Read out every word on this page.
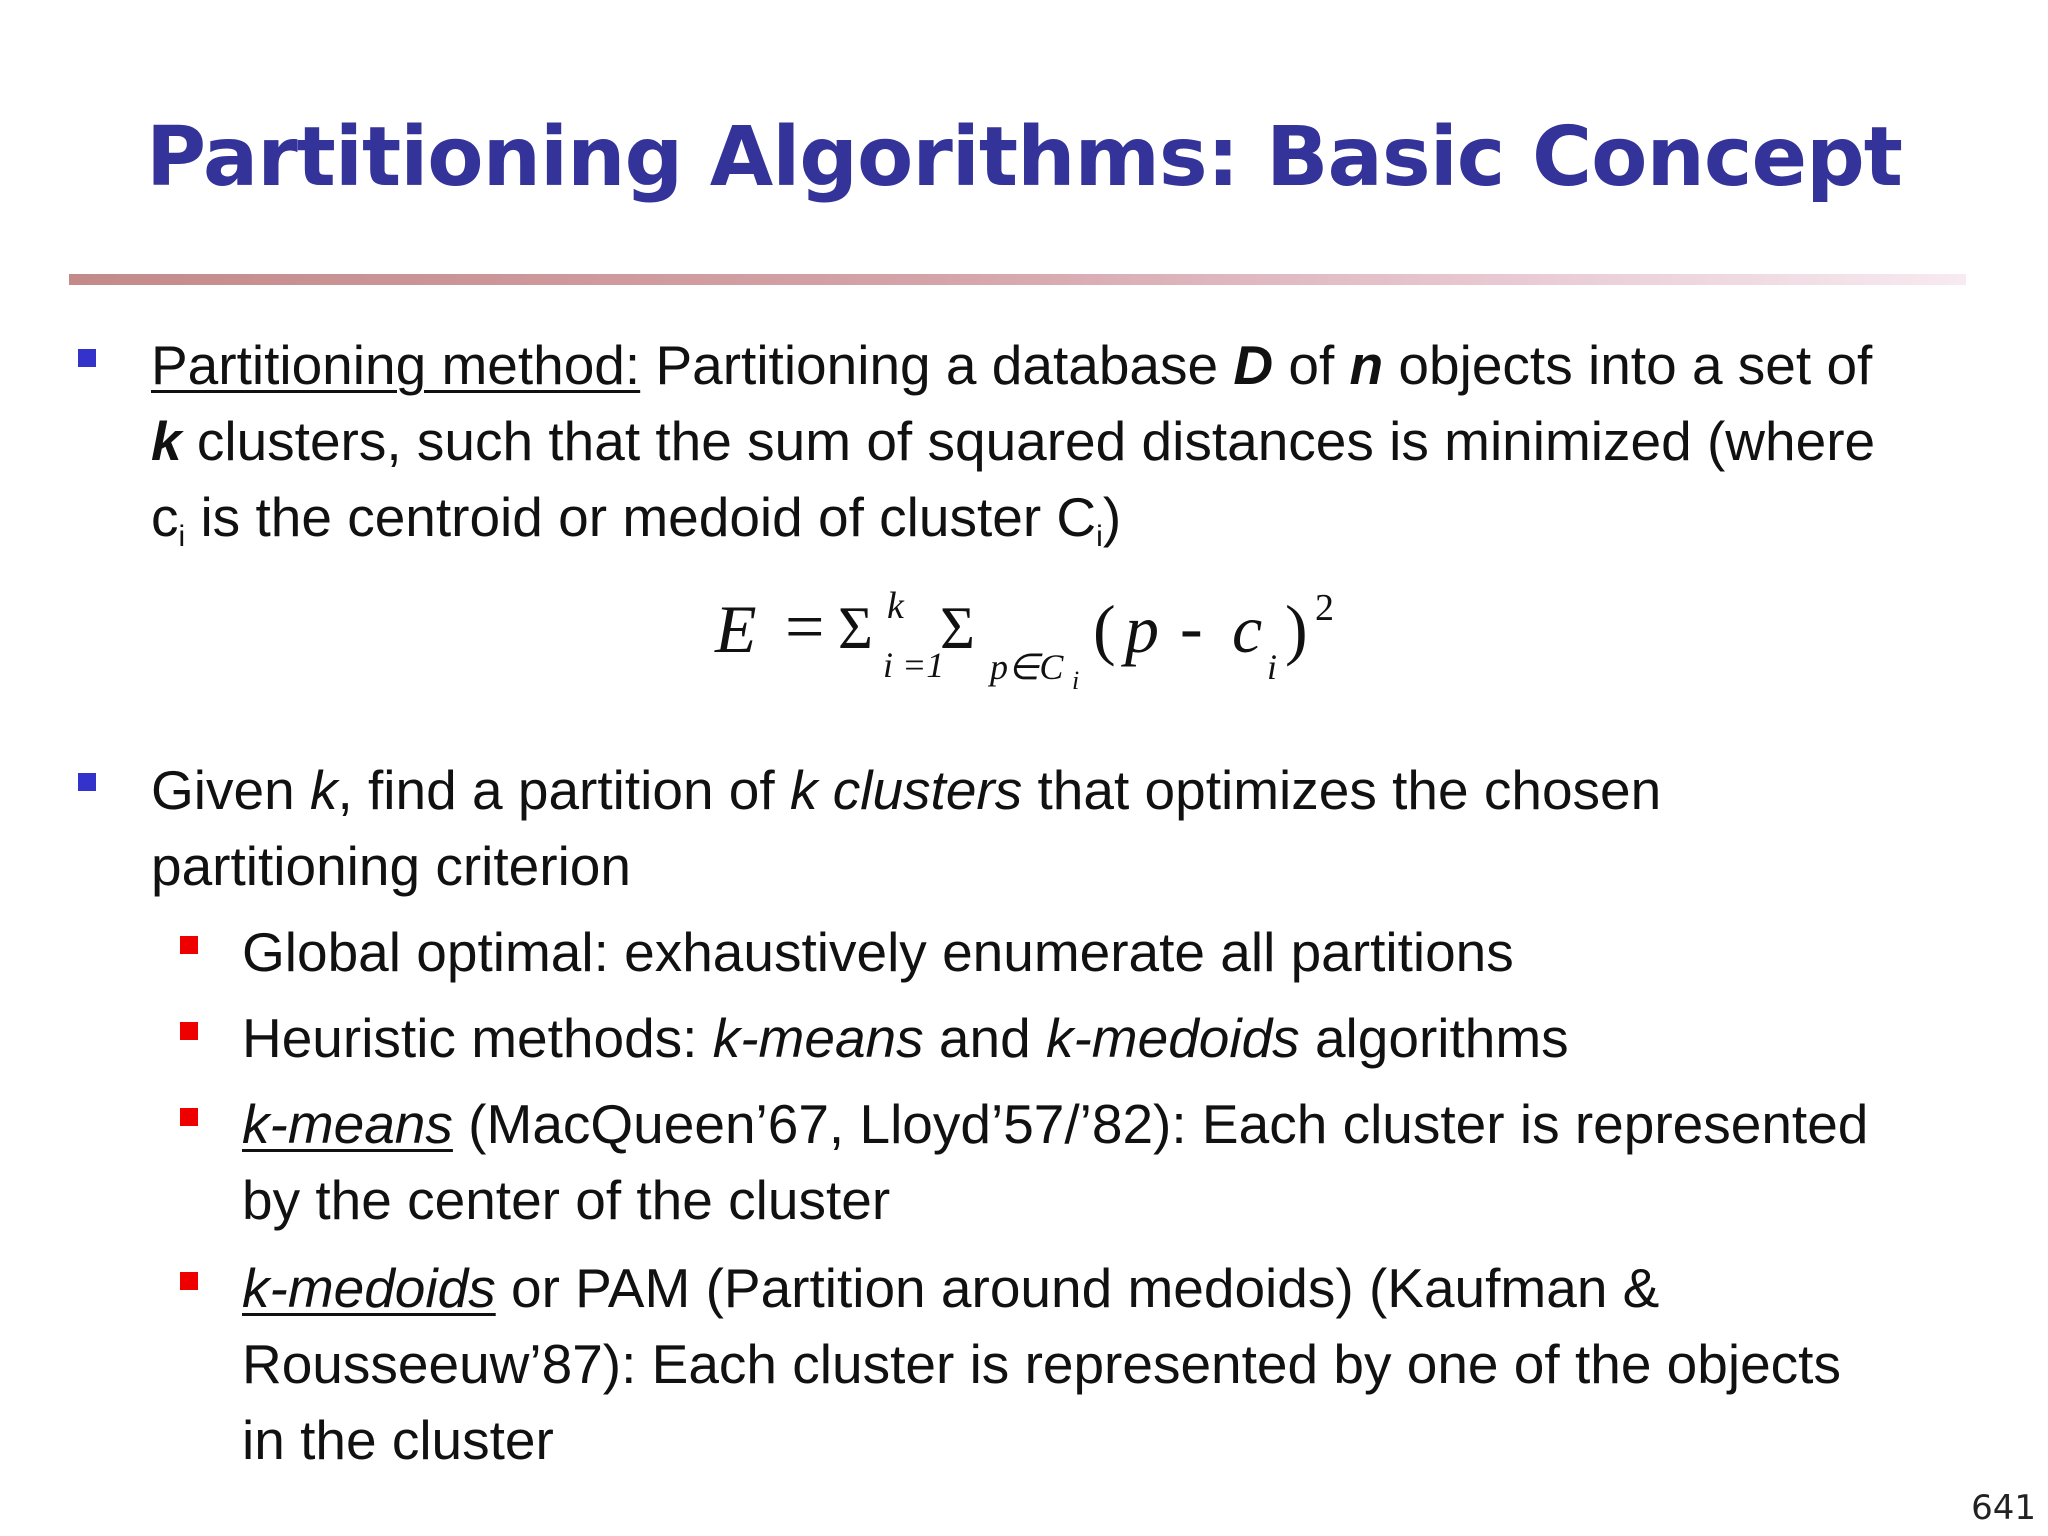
Partitioning Algorithms: Basic Concept
Partitioning method: Partitioning a database D of n objects into a set of
k clusters, such that the sum of squared distances is minimized (where
$c_i$ is the centroid or medoid of cluster $C_i$)
E = Σ k
i =1
Σ
p∈C i
( p - c i ) 2
Given k, find a partition of k clusters that optimizes the chosen
partitioning criterion
Global optimal: exhaustively enumerate all partitions
Heuristic methods: k-means and k-medoids algorithms
k-means (MacQueen’67, Lloyd’57/’82): Each cluster is represented
by the center of the cluster
k-medoids or PAM (Partition around medoids) (Kaufman &
Rousseeuw’87): Each cluster is represented by one of the objects
in the cluster
641
